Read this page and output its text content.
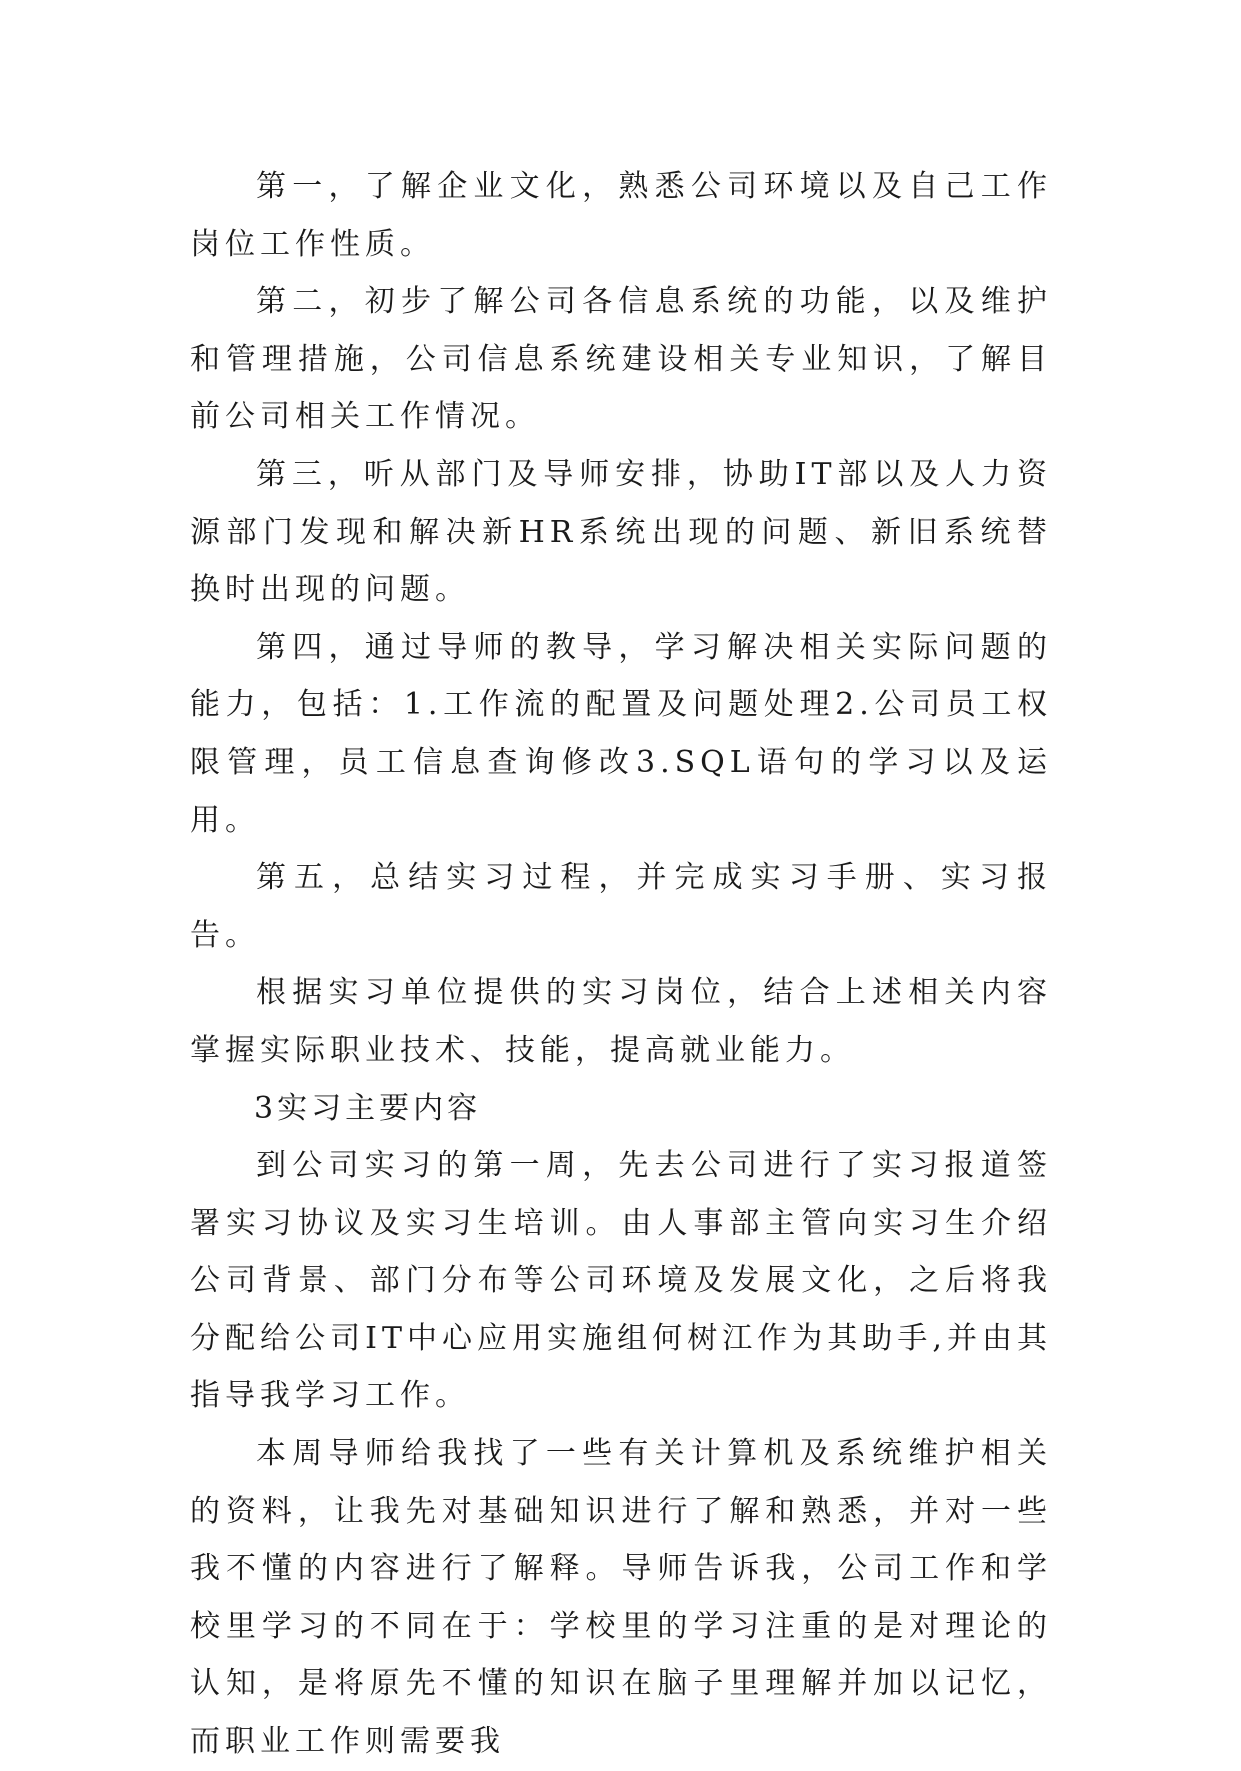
第一，了解企业文化，熟悉公司环境以及自己工作岗位工作性质。

第二，初步了解公司各信息系统的功能，以及维护和管理措施，公司信息系统建设相关专业知识，了解目前公司相关工作情况。

第三，听从部门及导师安排，协助IT部以及人力资源部门发现和解决新HR系统出现的问题、新旧系统替换时出现的问题。

第四，通过导师的教导，学习解决相关实际问题的能力，包括：1.工作流的配置及问题处理2.公司员工权限管理，员工信息查询修改3.SQL语句的学习以及运用。

第五，总结实习过程，并完成实习手册、实习报告。

根据实习单位提供的实习岗位，结合上述相关内容掌握实际职业技术、技能，提高就业能力。

3实习主要内容

到公司实习的第一周，先去公司进行了实习报道签署实习协议及实习生培训。由人事部主管向实习生介绍公司背景、部门分布等公司环境及发展文化，之后将我分配给公司IT中心应用实施组何树江作为其助手,并由其指导我学习工作。

本周导师给我找了一些有关计算机及系统维护相关的资料，让我先对基础知识进行了解和熟悉，并对一些我不懂的内容进行了解释。导师告诉我，公司工作和学校里学习的不同在于：学校里的学习注重的是对理论的认知，是将原先不懂的知识在脑子里理解并加以记忆，而职业工作则需要我
